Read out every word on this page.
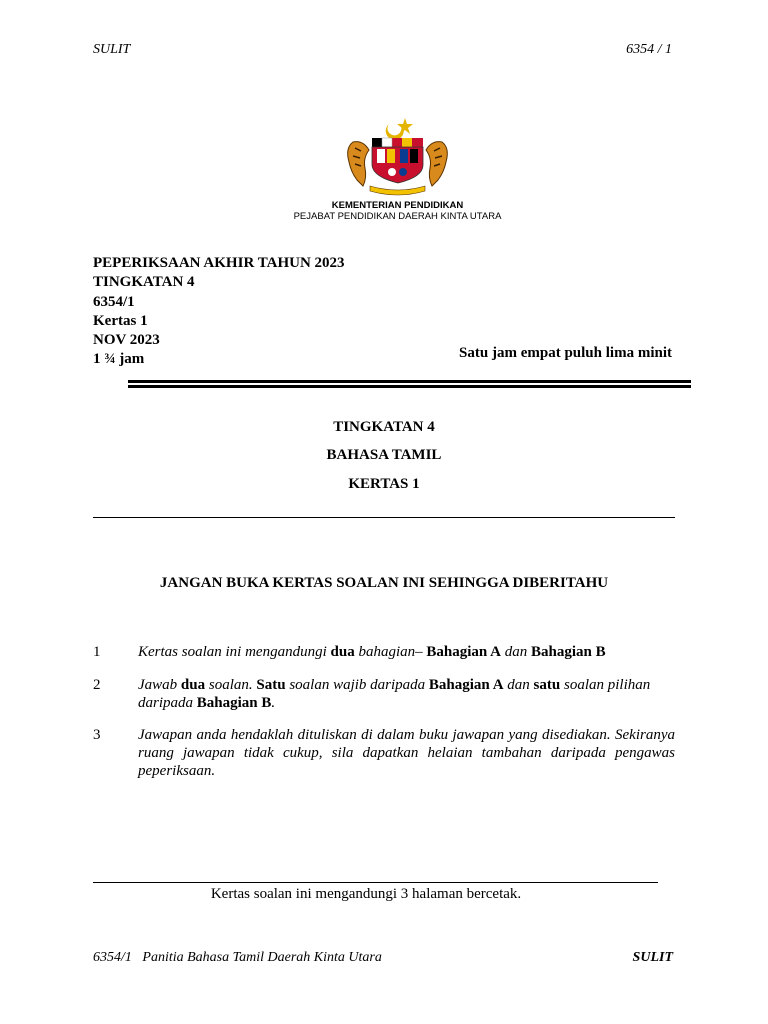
SULIT	6354 / 1
KEMENTERIAN PENDIDIKAN
PEJABAT PENDIDIKAN DAERAH KINTA UTARA
PEPERIKSAAN AKHIR TAHUN 2023
TINGKATAN 4
6354/1
Kertas 1
NOV 2023
1 ¾ jam	Satu jam empat puluh lima minit
TINGKATAN 4
BAHASA TAMIL
KERTAS 1
JANGAN BUKA KERTAS SOALAN INI SEHINGGA DIBERITAHU
1	Kertas soalan ini mengandungi dua bahagian– Bahagian A dan Bahagian B
2	Jawab dua soalan. Satu soalan wajib daripada Bahagian A dan satu soalan pilihan daripada Bahagian B.
3	Jawapan anda hendaklah dituliskan di dalam buku jawapan yang disediakan. Sekiranya ruang jawapan tidak cukup, sila dapatkan helaian tambahan daripada pengawas peperiksaan.
Kertas soalan ini mengandungi 3 halaman bercetak.
6354/1   Panitia Bahasa Tamil Daerah Kinta Utara	SULIT
